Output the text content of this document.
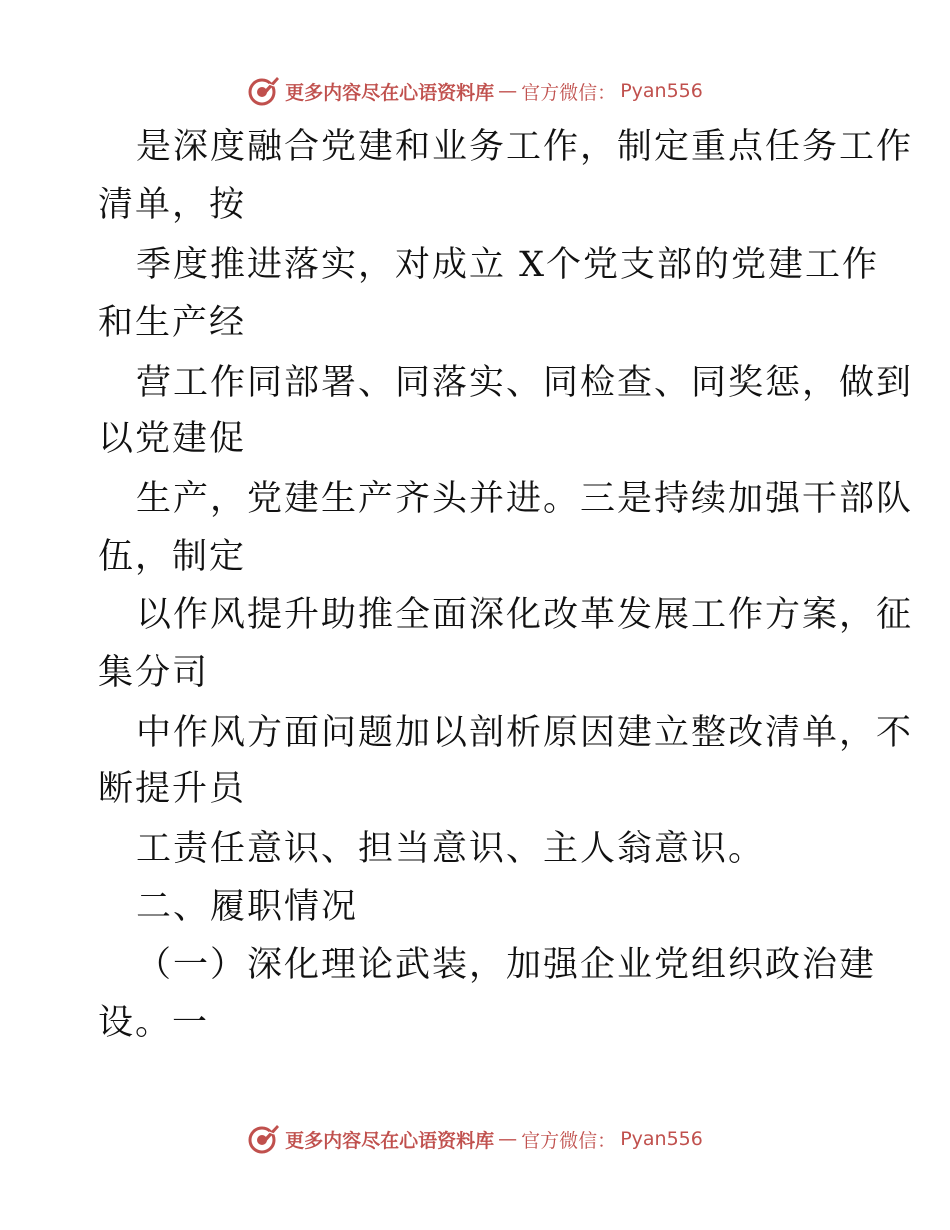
更多内容尽在心语资料库 — 官方微信： Pyan556
是深度融合党建和业务工作，制定重点任务工作
清单，按
季度推进落实，对成立 X个党支部的党建工作
和生产经
营工作同部署、同落实、同检查、同奖惩，做到
以党建促
生产，党建生产齐头并进。三是持续加强干部队
伍，制定
以作风提升助推全面深化改革发展工作方案，征
集分司
中作风方面问题加以剖析原因建立整改清单，不
断提升员
工责任意识、担当意识、主人翁意识。
二、履职情况
（一）深化理论武装，加强企业党组织政治建
设。一
更多内容尽在心语资料库 — 官方微信： Pyan556
